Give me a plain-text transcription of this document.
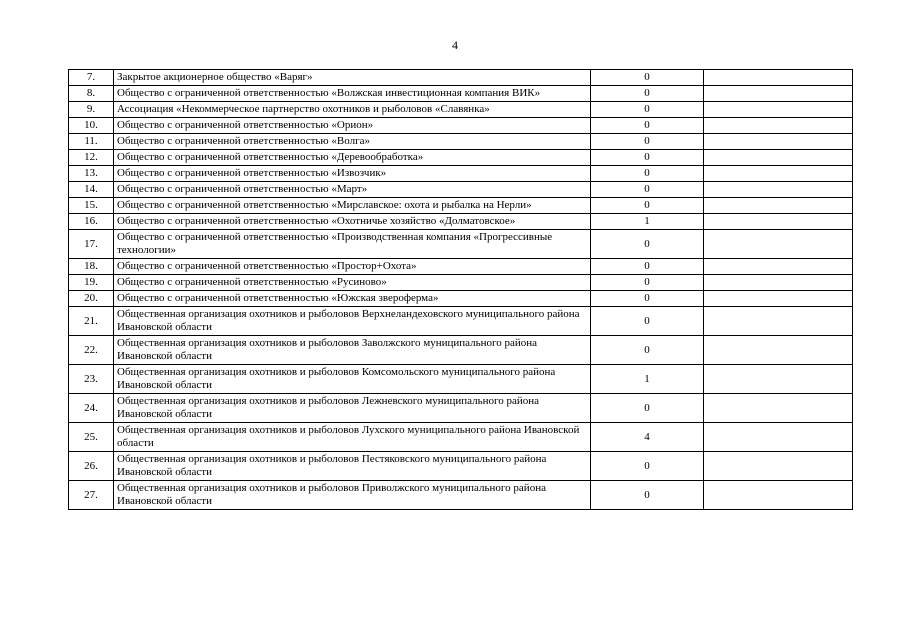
4
7.	Закрытое акционерное общество «Варяг»	0	
8.	Общество с ограниченной ответственностью «Волжская инвестиционная компания ВИК»	0	
9.	Ассоциация «Некоммерческое партнерство охотников и рыболовов «Славянка»	0	
10.	Общество с ограниченной ответственностью «Орион»	0	
11.	Общество с ограниченной ответственностью «Волга»	0	
12.	Общество с ограниченной ответственностью «Деревообработка»	0	
13.	Общество с ограниченной ответственностью «Извозчик»	0	
14.	Общество с ограниченной ответственностью «Март»	0	
15.	Общество с ограниченной ответственностью «Мирславское: охота и рыбалка на Нерли»	0	
16.	Общество с ограниченной ответственностью «Охотничье хозяйство «Долматовское»	1	
17.	Общество с ограниченной ответственностью «Производственная компания «Прогрессивные технологии»	0	
18.	Общество с ограниченной ответственностью «Простор+Охота»	0	
19.	Общество с ограниченной ответственностью «Русиново»	0	
20.	Общество с ограниченной ответственностью «Южская звероферма»	0	
21.	Общественная организация охотников и рыболовов Верхнеландеховского муниципального района Ивановской области	0	
22.	Общественная организация охотников и рыболовов Заволжского муниципального района Ивановской области	0	
23.	Общественная организация охотников и рыболовов Комсомольского муниципального района Ивановской области	1	
24.	Общественная организация охотников и рыболовов Лежневского муниципального района Ивановской области	0	
25.	Общественная организация охотников и рыболовов Лухского муниципального района Ивановской области	4	
26.	Общественная организация охотников и рыболовов Пестяковского муниципального района Ивановской области	0	
27.	Общественная организация охотников и рыболовов Приволжского муниципального района Ивановской области	0	
